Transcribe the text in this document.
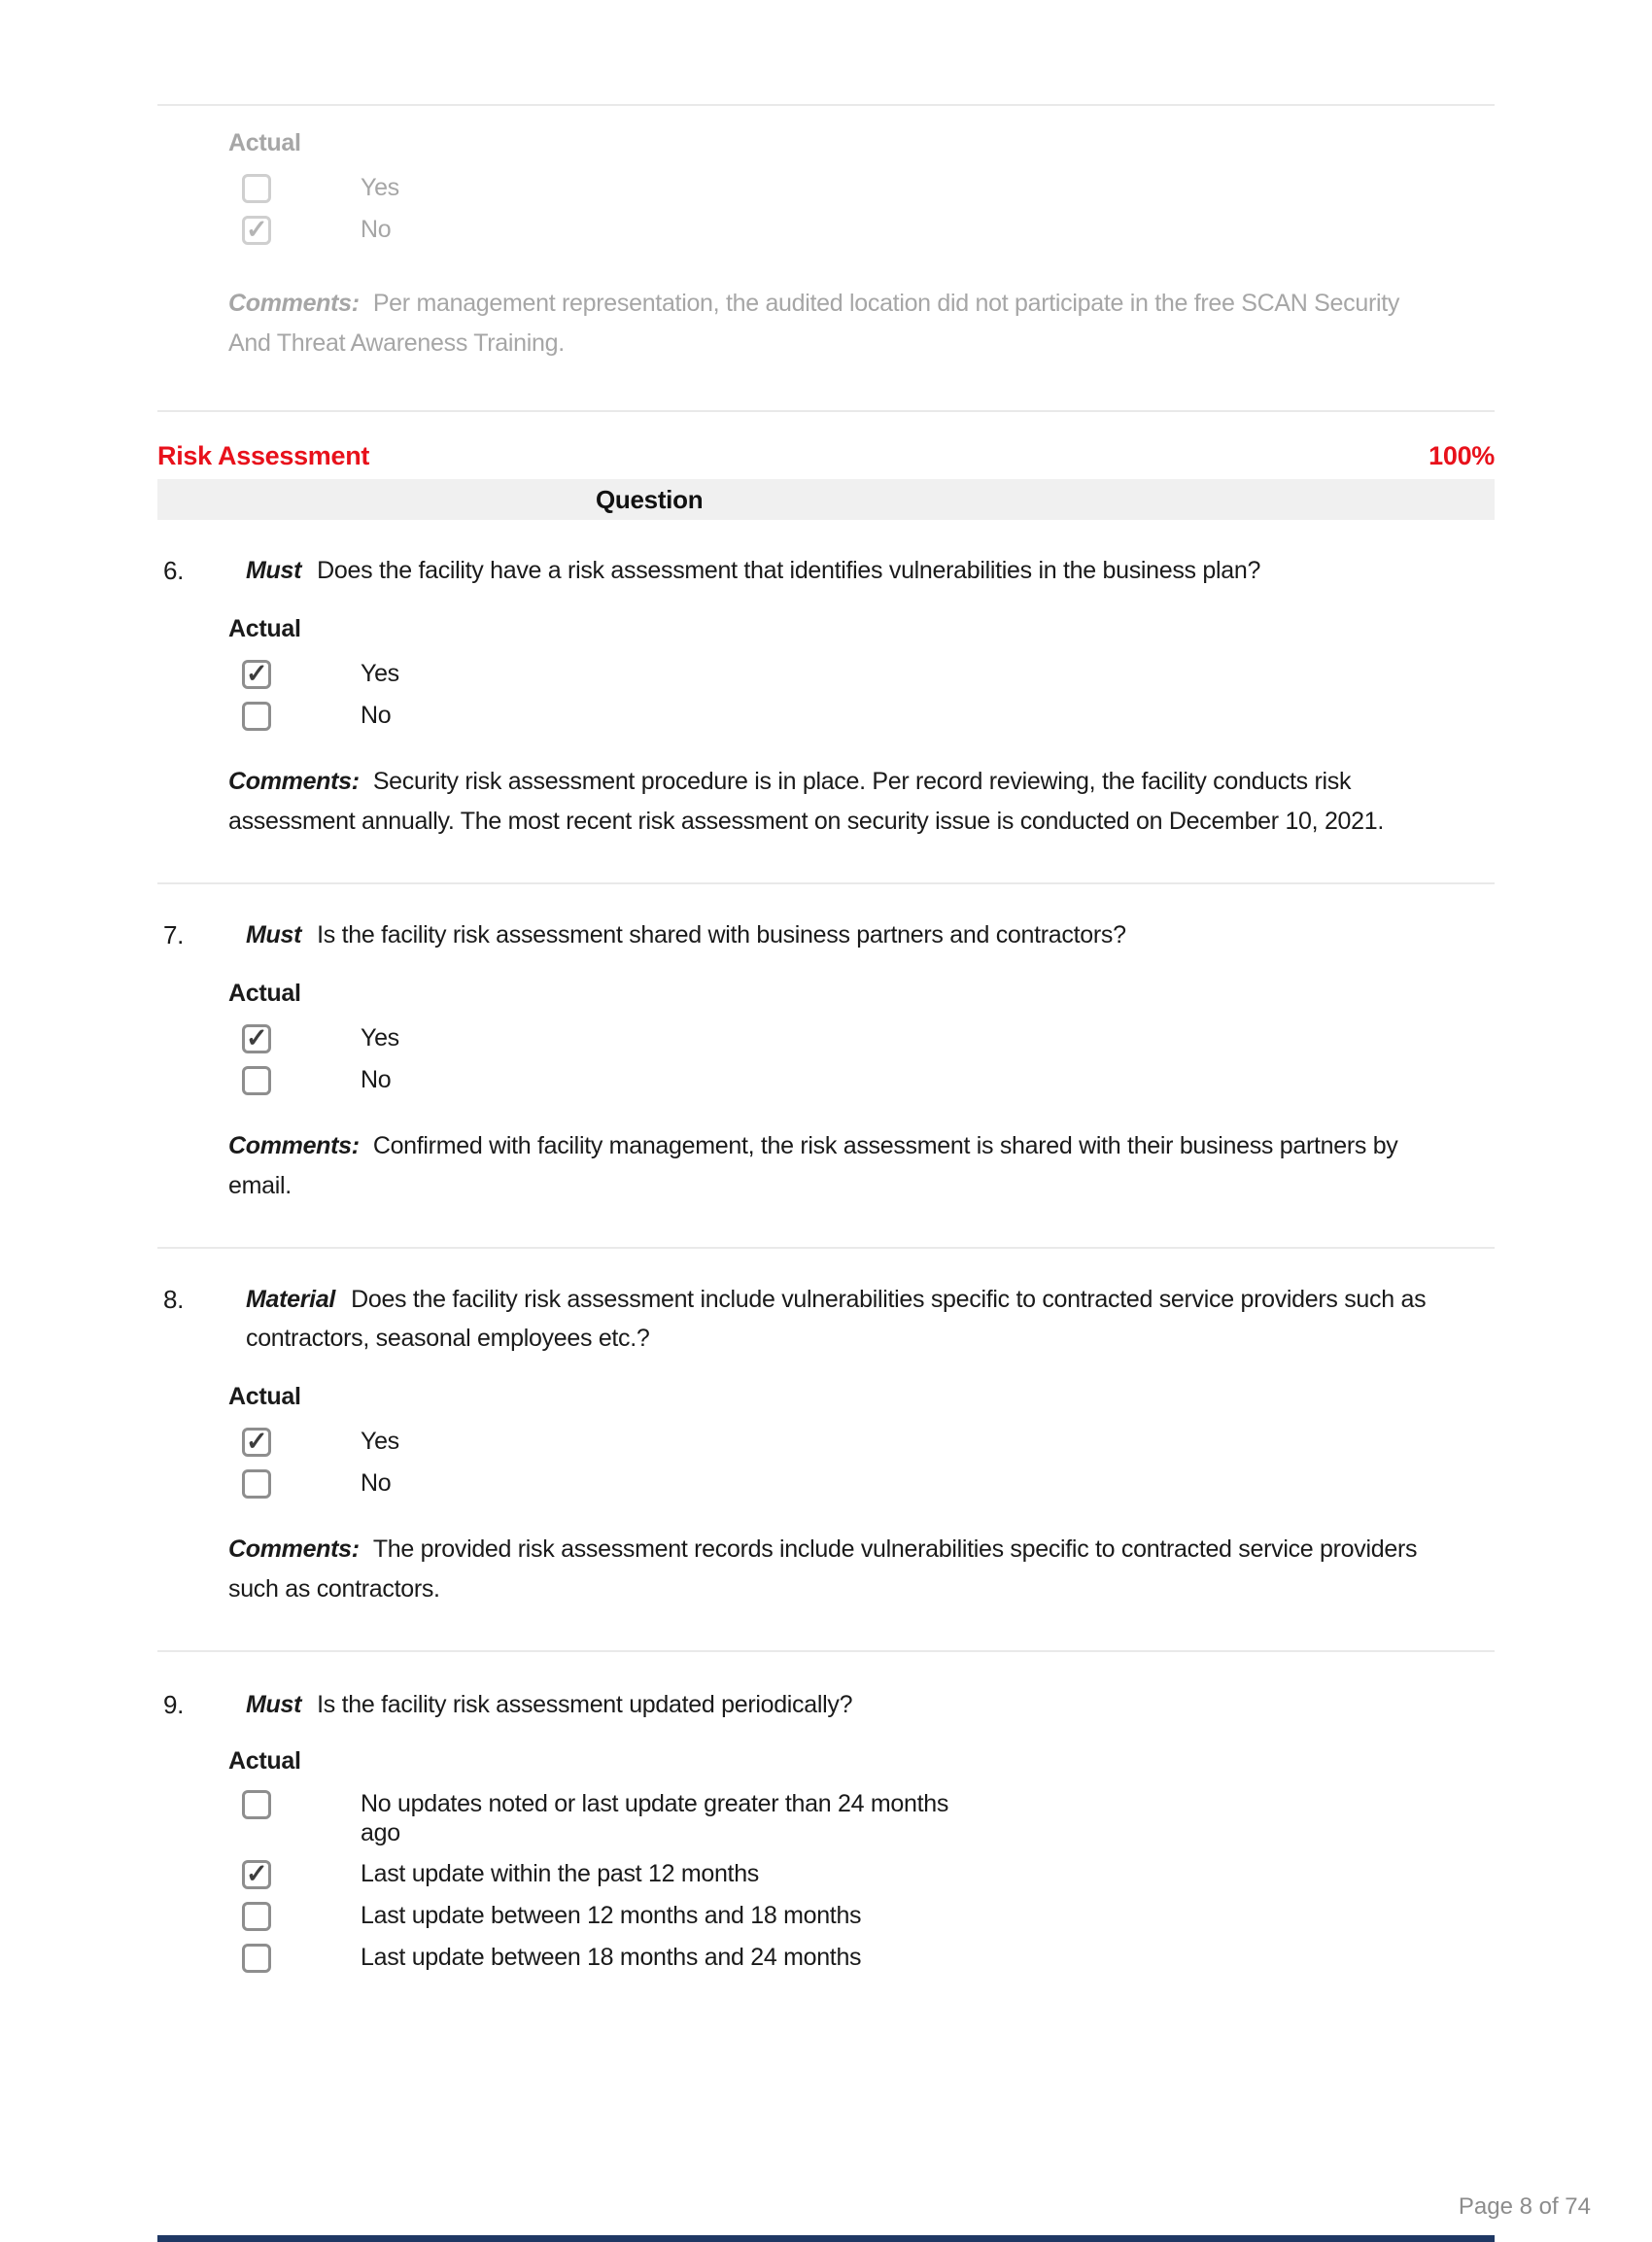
Actual
Yes
✓
No
Comments: Per management representation, the audited location did not participate in the free SCAN Security And Threat Awareness Training.
Risk Assessment	100%
Question
6.	Must Does the facility have a risk assessment that identifies vulnerabilities in the business plan?
Actual
✓
Yes
No
Comments: Security risk assessment procedure is in place. Per record reviewing, the facility conducts risk assessment annually. The most recent risk assessment on security issue is conducted on December 10, 2021.
7.	Must Is the facility risk assessment shared with business partners and contractors?
Actual
✓
Yes
No
Comments: Confirmed with facility management, the risk assessment is shared with their business partners by email.
8.	Material Does the facility risk assessment include vulnerabilities specific to contracted service providers such as contractors, seasonal employees etc.?
Actual
✓
Yes
No
Comments: The provided risk assessment records include vulnerabilities specific to contracted service providers such as contractors.
9.	Must Is the facility risk assessment updated periodically?
Actual
No updates noted or last update greater than 24 months ago
✓
Last update within the past 12 months
Last update between 12 months and 18 months
Last update between 18 months and 24 months
Page 8 of 74
